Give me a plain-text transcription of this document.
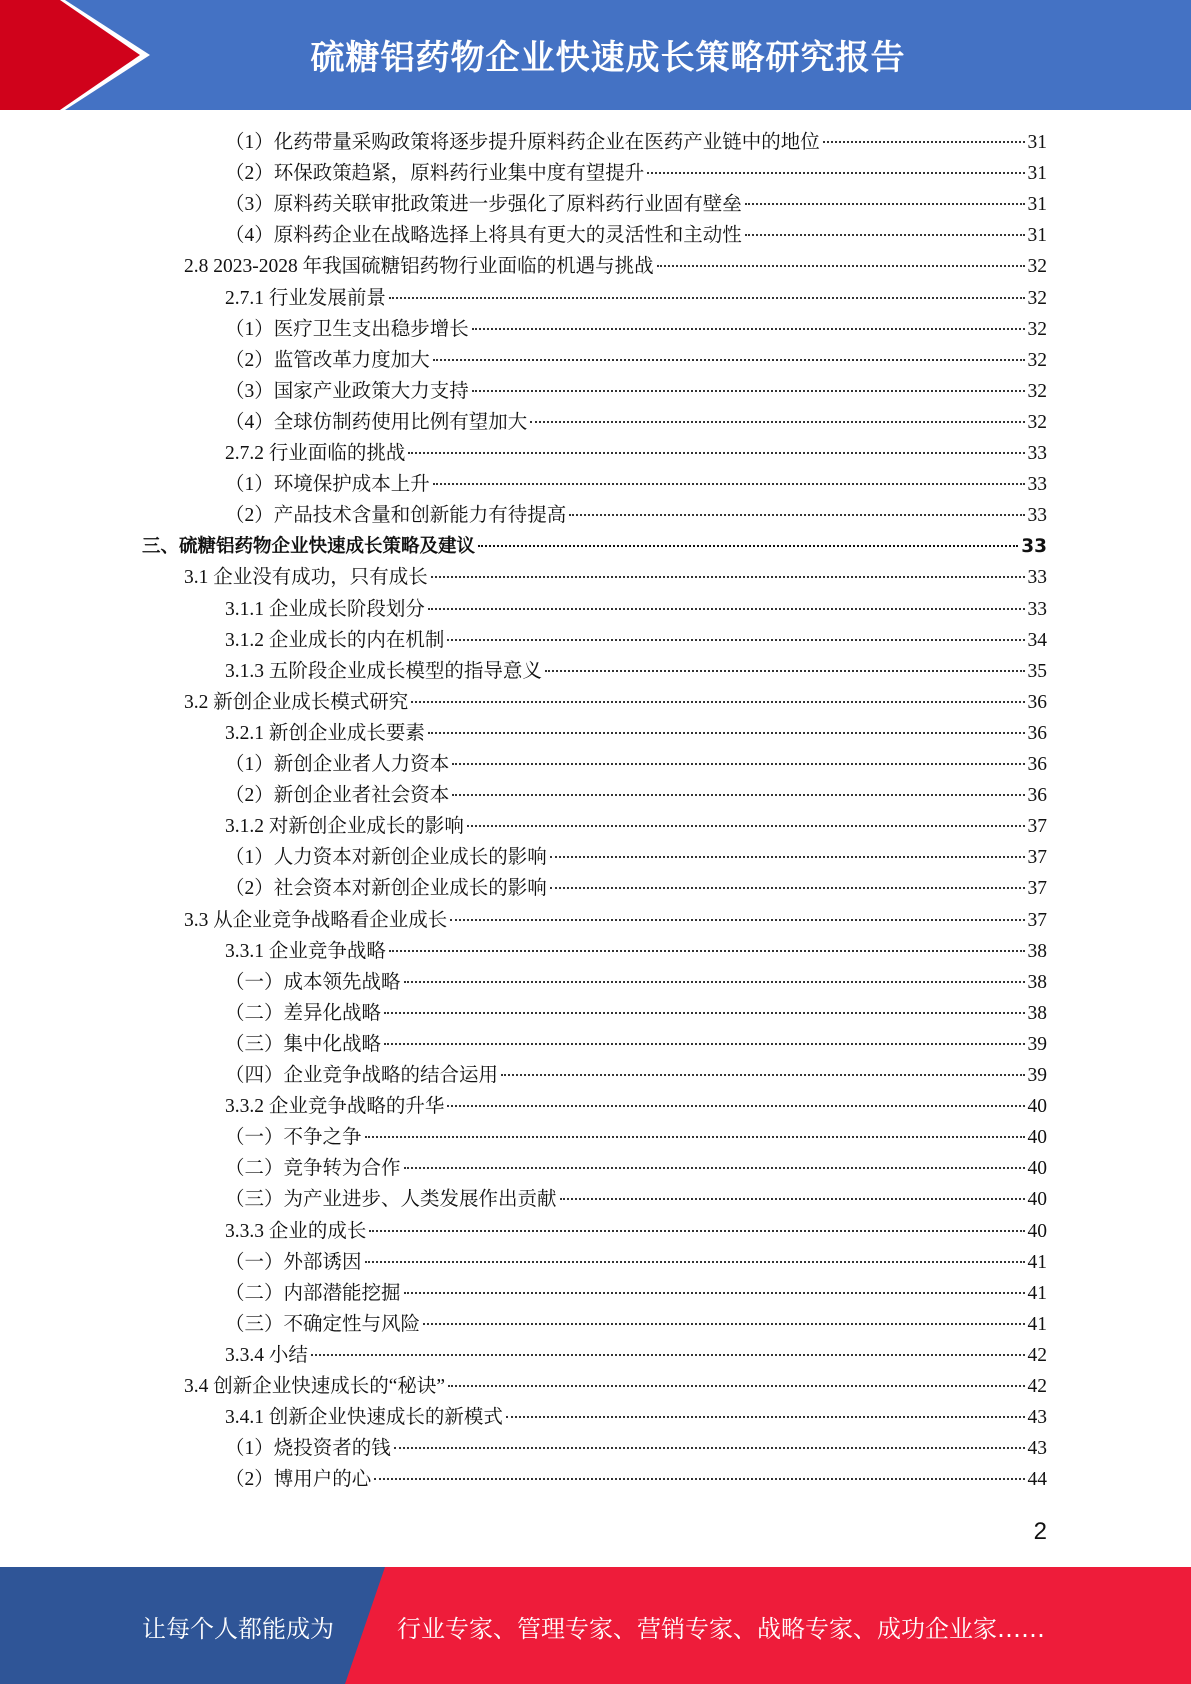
硫糖铝药物企业快速成长策略研究报告
（1）化药带量采购政策将逐步提升原料药企业在医药产业链中的地位	31
（2）环保政策趋紧，原料药行业集中度有望提升	31
（3）原料药关联审批政策进一步强化了原料药行业固有壁垒	31
（4）原料药企业在战略选择上将具有更大的灵活性和主动性	31
2.8 2023-2028 年我国硫糖铝药物行业面临的机遇与挑战	32
2.7.1 行业发展前景	32
（1）医疗卫生支出稳步增长	32
（2）监管改革力度加大	32
（3）国家产业政策大力支持	32
（4）全球仿制药使用比例有望加大	32
2.7.2 行业面临的挑战	33
（1）环境保护成本上升	33
（2）产品技术含量和创新能力有待提高	33
三、硫糖铝药物企业快速成长策略及建议	33
3.1 企业没有成功，只有成长	33
3.1.1 企业成长阶段划分	33
3.1.2 企业成长的内在机制	34
3.1.3 五阶段企业成长模型的指导意义	35
3.2 新创企业成长模式研究	36
3.2.1 新创企业成长要素	36
（1）新创企业者人力资本	36
（2）新创企业者社会资本	36
3.1.2 对新创企业成长的影响	37
（1）人力资本对新创企业成长的影响	37
（2）社会资本对新创企业成长的影响	37
3.3 从企业竞争战略看企业成长	37
3.3.1 企业竞争战略	38
（一）成本领先战略	38
（二）差异化战略	38
（三）集中化战略	39
（四）企业竞争战略的结合运用	39
3.3.2 企业竞争战略的升华	40
（一）不争之争	40
（二）竞争转为合作	40
（三）为产业进步、人类发展作出贡献	40
3.3.3 企业的成长	40
（一）外部诱因	41
（二）内部潜能挖掘	41
（三）不确定性与风险	41
3.3.4 小结	42
3.4 创新企业快速成长的“秘诀”	42
3.4.1 创新企业快速成长的新模式	43
（1）烧投资者的钱	43
（2）博用户的心	44
2
让每个人都能成为	行业专家、管理专家、营销专家、战略专家、成功企业家……
